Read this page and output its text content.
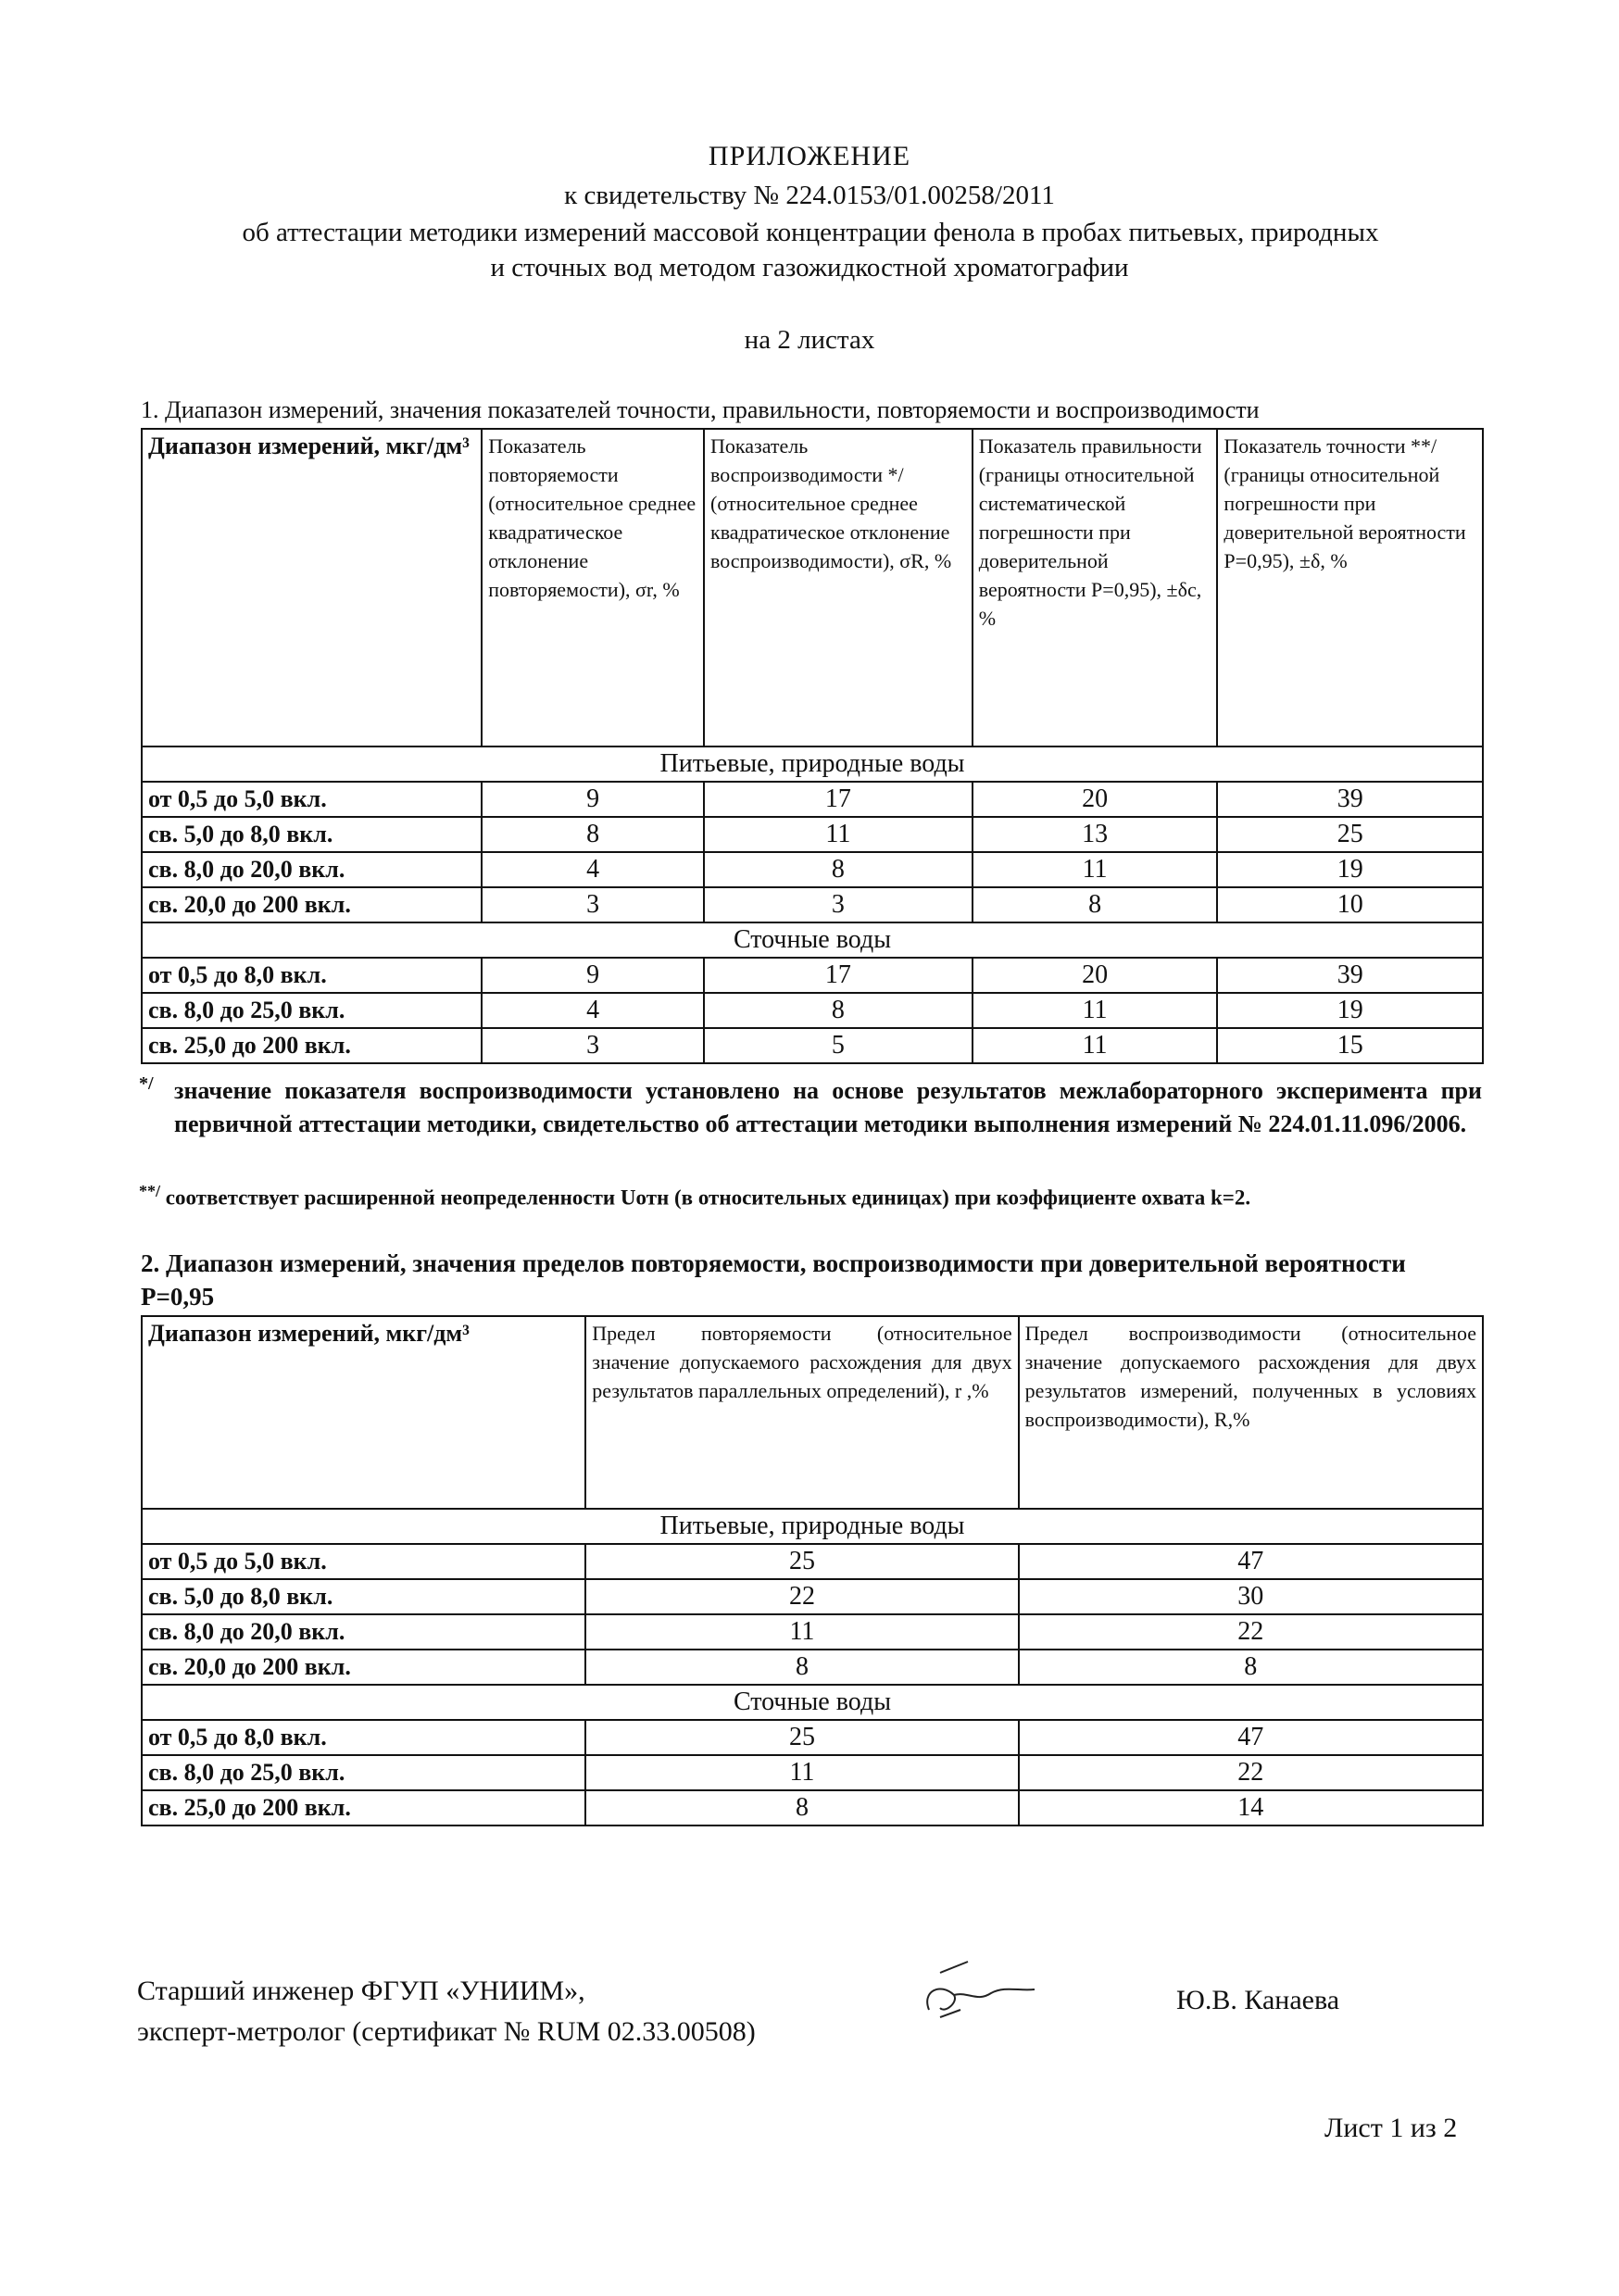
ПРИЛОЖЕНИЕ
к свидетельству № 224.0153/01.00258/2011
об аттестации методики измерений массовой концентрации фенола в пробах питьевых, природных
и сточных вод методом газожидкостной хроматографии
на 2 листах
1. Диапазон измерений, значения показателей точности, правильности, повторяемости и воспроизводимости
Диапазон измерений, мкг/дм³	Показатель повторяемости (относительное среднее квадратическое отклонение повторяемости), σr, %	Показатель воспроизводимости */ (относительное среднее квадратическое отклонение воспроизводимости), σR, %	Показатель правильности (границы относительной систематической погрешности при доверительной вероятности P=0,95), ±δc, %	Показатель точности **/ (границы относительной погрешности при доверительной вероятности P=0,95), ±δ, %
Питьевые, природные воды				
от 0,5 до 5,0 вкл.	9	17	20	39
св. 5,0 до 8,0 вкл.	8	11	13	25
св. 8,0 до 20,0 вкл.	4	8	11	19
св. 20,0 до 200 вкл.	3	3	8	10
Сточные воды				
от 0,5 до 8,0 вкл.	9	17	20	39
св. 8,0 до 25,0 вкл.	4	8	11	19
св. 25,0 до 200 вкл.	3	5	11	15
*/ значение показателя воспроизводимости установлено на основе результатов межлабораторного эксперимента при первичной аттестации методики, свидетельство об аттестации методики выполнения измерений № 224.01.11.096/2006.
**/ соответствует расширенной неопределенности Uотн (в относительных единицах) при коэффициенте охвата k=2.
2. Диапазон измерений, значения пределов повторяемости, воспроизводимости при доверительной вероятности P=0,95
Диапазон измерений, мкг/дм³	Предел повторяемости (относительное значение допускаемого расхождения для двух результатов параллельных определений), r ,%	Предел воспроизводимости (относительное значение допускаемого расхождения для двух результатов измерений, полученных в условиях воспроизводимости), R,%
Питьевые, природные воды		
от 0,5 до 5,0 вкл.	25	47
св. 5,0 до 8,0 вкл.	22	30
св. 8,0 до 20,0 вкл.	11	22
св. 20,0 до 200 вкл.	8	8
Сточные воды		
от 0,5 до 8,0 вкл.	25	47
св. 8,0 до 25,0 вкл.	11	22
св. 25,0 до 200 вкл.	8	14
Старший инженер ФГУП «УНИИМ»,
эксперт-метролог (сертификат № RUM 02.33.00508)
Ю.В. Канаева
Лист 1 из 2
